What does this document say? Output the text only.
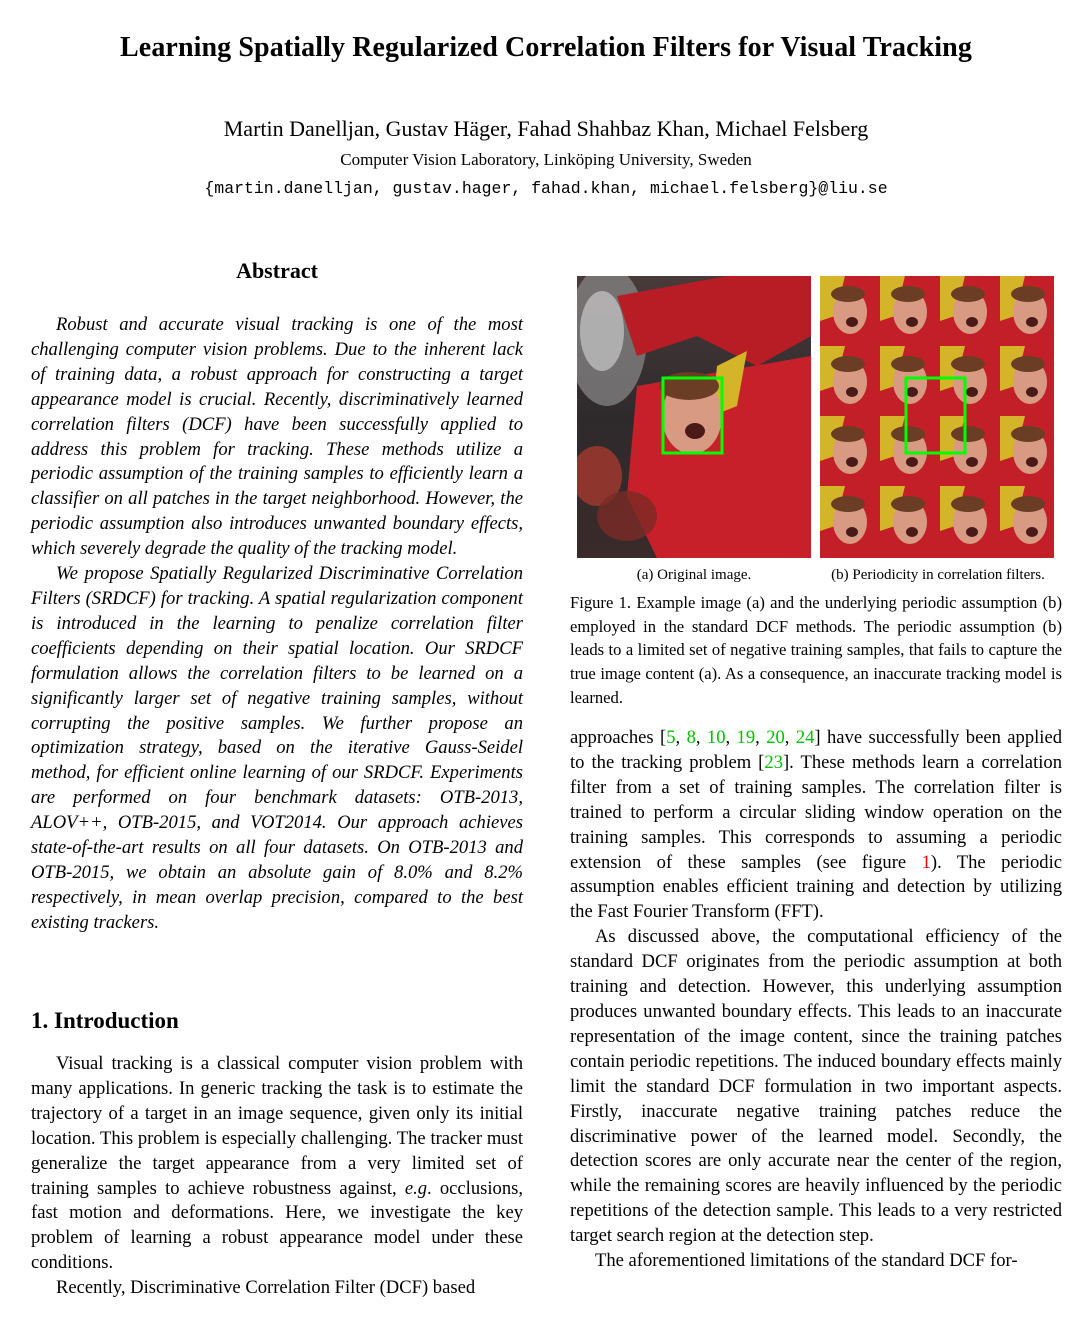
Learning Spatially Regularized Correlation Filters for Visual Tracking
Martin Danelljan, Gustav Häger, Fahad Shahbaz Khan, Michael Felsberg
Computer Vision Laboratory, Linköping University, Sweden
{martin.danelljan, gustav.hager, fahad.khan, michael.felsberg}@liu.se
Abstract

Robust and accurate visual tracking is one of the most challenging computer vision problems. Due to the inherent lack of training data, a robust approach for constructing a target appearance model is crucial. Recently, discriminatively learned correlation filters (DCF) have been successfully applied to address this problem for tracking. These methods utilize a periodic assumption of the training samples to efficiently learn a classifier on all patches in the target neighborhood. However, the periodic assumption also introduces unwanted boundary effects, which severely degrade the quality of the tracking model.

We propose Spatially Regularized Discriminative Correlation Filters (SRDCF) for tracking. A spatial regularization component is introduced in the learning to penalize correlation filter coefficients depending on their spatial location. Our SRDCF formulation allows the correlation filters to be learned on a significantly larger set of negative training samples, without corrupting the positive samples. We further propose an optimization strategy, based on the iterative Gauss-Seidel method, for efficient online learning of our SRDCF. Experiments are performed on four benchmark datasets: OTB-2013, ALOV++, OTB-2015, and VOT2014. Our approach achieves state-of-the-art results on all four datasets. On OTB-2013 and OTB-2015, we obtain an absolute gain of 8.0% and 8.2% respectively, in mean overlap precision, compared to the best existing trackers.

1. Introduction

Visual tracking is a classical computer vision problem with many applications. In generic tracking the task is to estimate the trajectory of a target in an image sequence, given only its initial location. This problem is especially challenging. The tracker must generalize the target appearance from a very limited set of training samples to achieve robustness against, e.g. occlusions, fast motion and deformations. Here, we investigate the key problem of learning a robust appearance model under these conditions.

Recently, Discriminative Correlation Filter (DCF) based

(a) Original image.	(b) Periodicity in correlation filters.
Figure 1. Example image (a) and the underlying periodic assumption (b) employed in the standard DCF methods. The periodic assumption (b) leads to a limited set of negative training samples, that fails to capture the true image content (a). As a consequence, an inaccurate tracking model is learned.

approaches [5, 8, 10, 19, 20, 24] have successfully been applied to the tracking problem [23]. These methods learn a correlation filter from a set of training samples. The correlation filter is trained to perform a circular sliding window operation on the training samples. This corresponds to assuming a periodic extension of these samples (see figure 1). The periodic assumption enables efficient training and detection by utilizing the Fast Fourier Transform (FFT).

As discussed above, the computational efficiency of the standard DCF originates from the periodic assumption at both training and detection. However, this underlying assumption produces unwanted boundary effects. This leads to an inaccurate representation of the image content, since the training patches contain periodic repetitions. The induced boundary effects mainly limit the standard DCF formulation in two important aspects. Firstly, inaccurate negative training patches reduce the discriminative power of the learned model. Secondly, the detection scores are only accurate near the center of the region, while the remaining scores are heavily influenced by the periodic repetitions of the detection sample. This leads to a very restricted target search region at the detection step.

The aforementioned limitations of the standard DCF for-
